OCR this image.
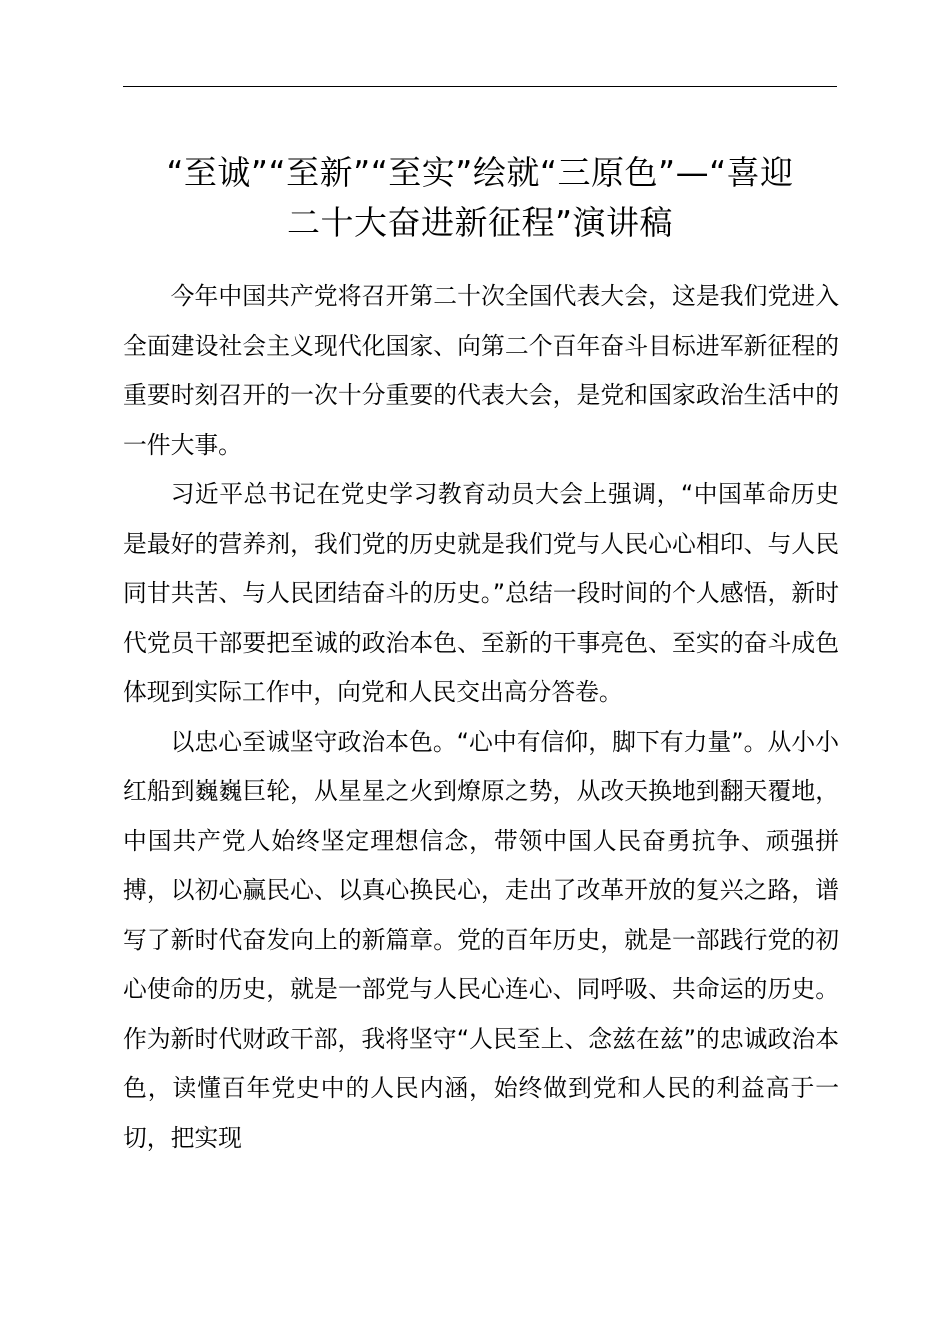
“至诚”“至新”“至实”绘就“三原色”—“喜迎
二十大奋进新征程”演讲稿

今年中国共产党将召开第二十次全国代表大会，这是我们党进入全面建设社会主义现代化国家、向第二个百年奋斗目标进军新征程的重要时刻召开的一次十分重要的代表大会，是党和国家政治生活中的一件大事。

习近平总书记在党史学习教育动员大会上强调，“中国革命历史是最好的营养剂，我们党的历史就是我们党与人民心心相印、与人民同甘共苦、与人民团结奋斗的历史。”总结一段时间的个人感悟，新时代党员干部要把至诚的政治本色、至新的干事亮色、至实的奋斗成色体现到实际工作中，向党和人民交出高分答卷。

以忠心至诚坚守政治本色。“心中有信仰，脚下有力量”。从小小红船到巍巍巨轮，从星星之火到燎原之势，从改天换地到翻天覆地，中国共产党人始终坚定理想信念，带领中国人民奋勇抗争、顽强拼搏，以初心赢民心、以真心换民心，走出了改革开放的复兴之路，谱写了新时代奋发向上的新篇章。党的百年历史，就是一部践行党的初心使命的历史，就是一部党与人民心连心、同呼吸、共命运的历史。作为新时代财政干部，我将坚守“人民至上、念兹在兹”的忠诚政治本色，读懂百年党史中的人民内涵，始终做到党和人民的利益高于一切，把实现
